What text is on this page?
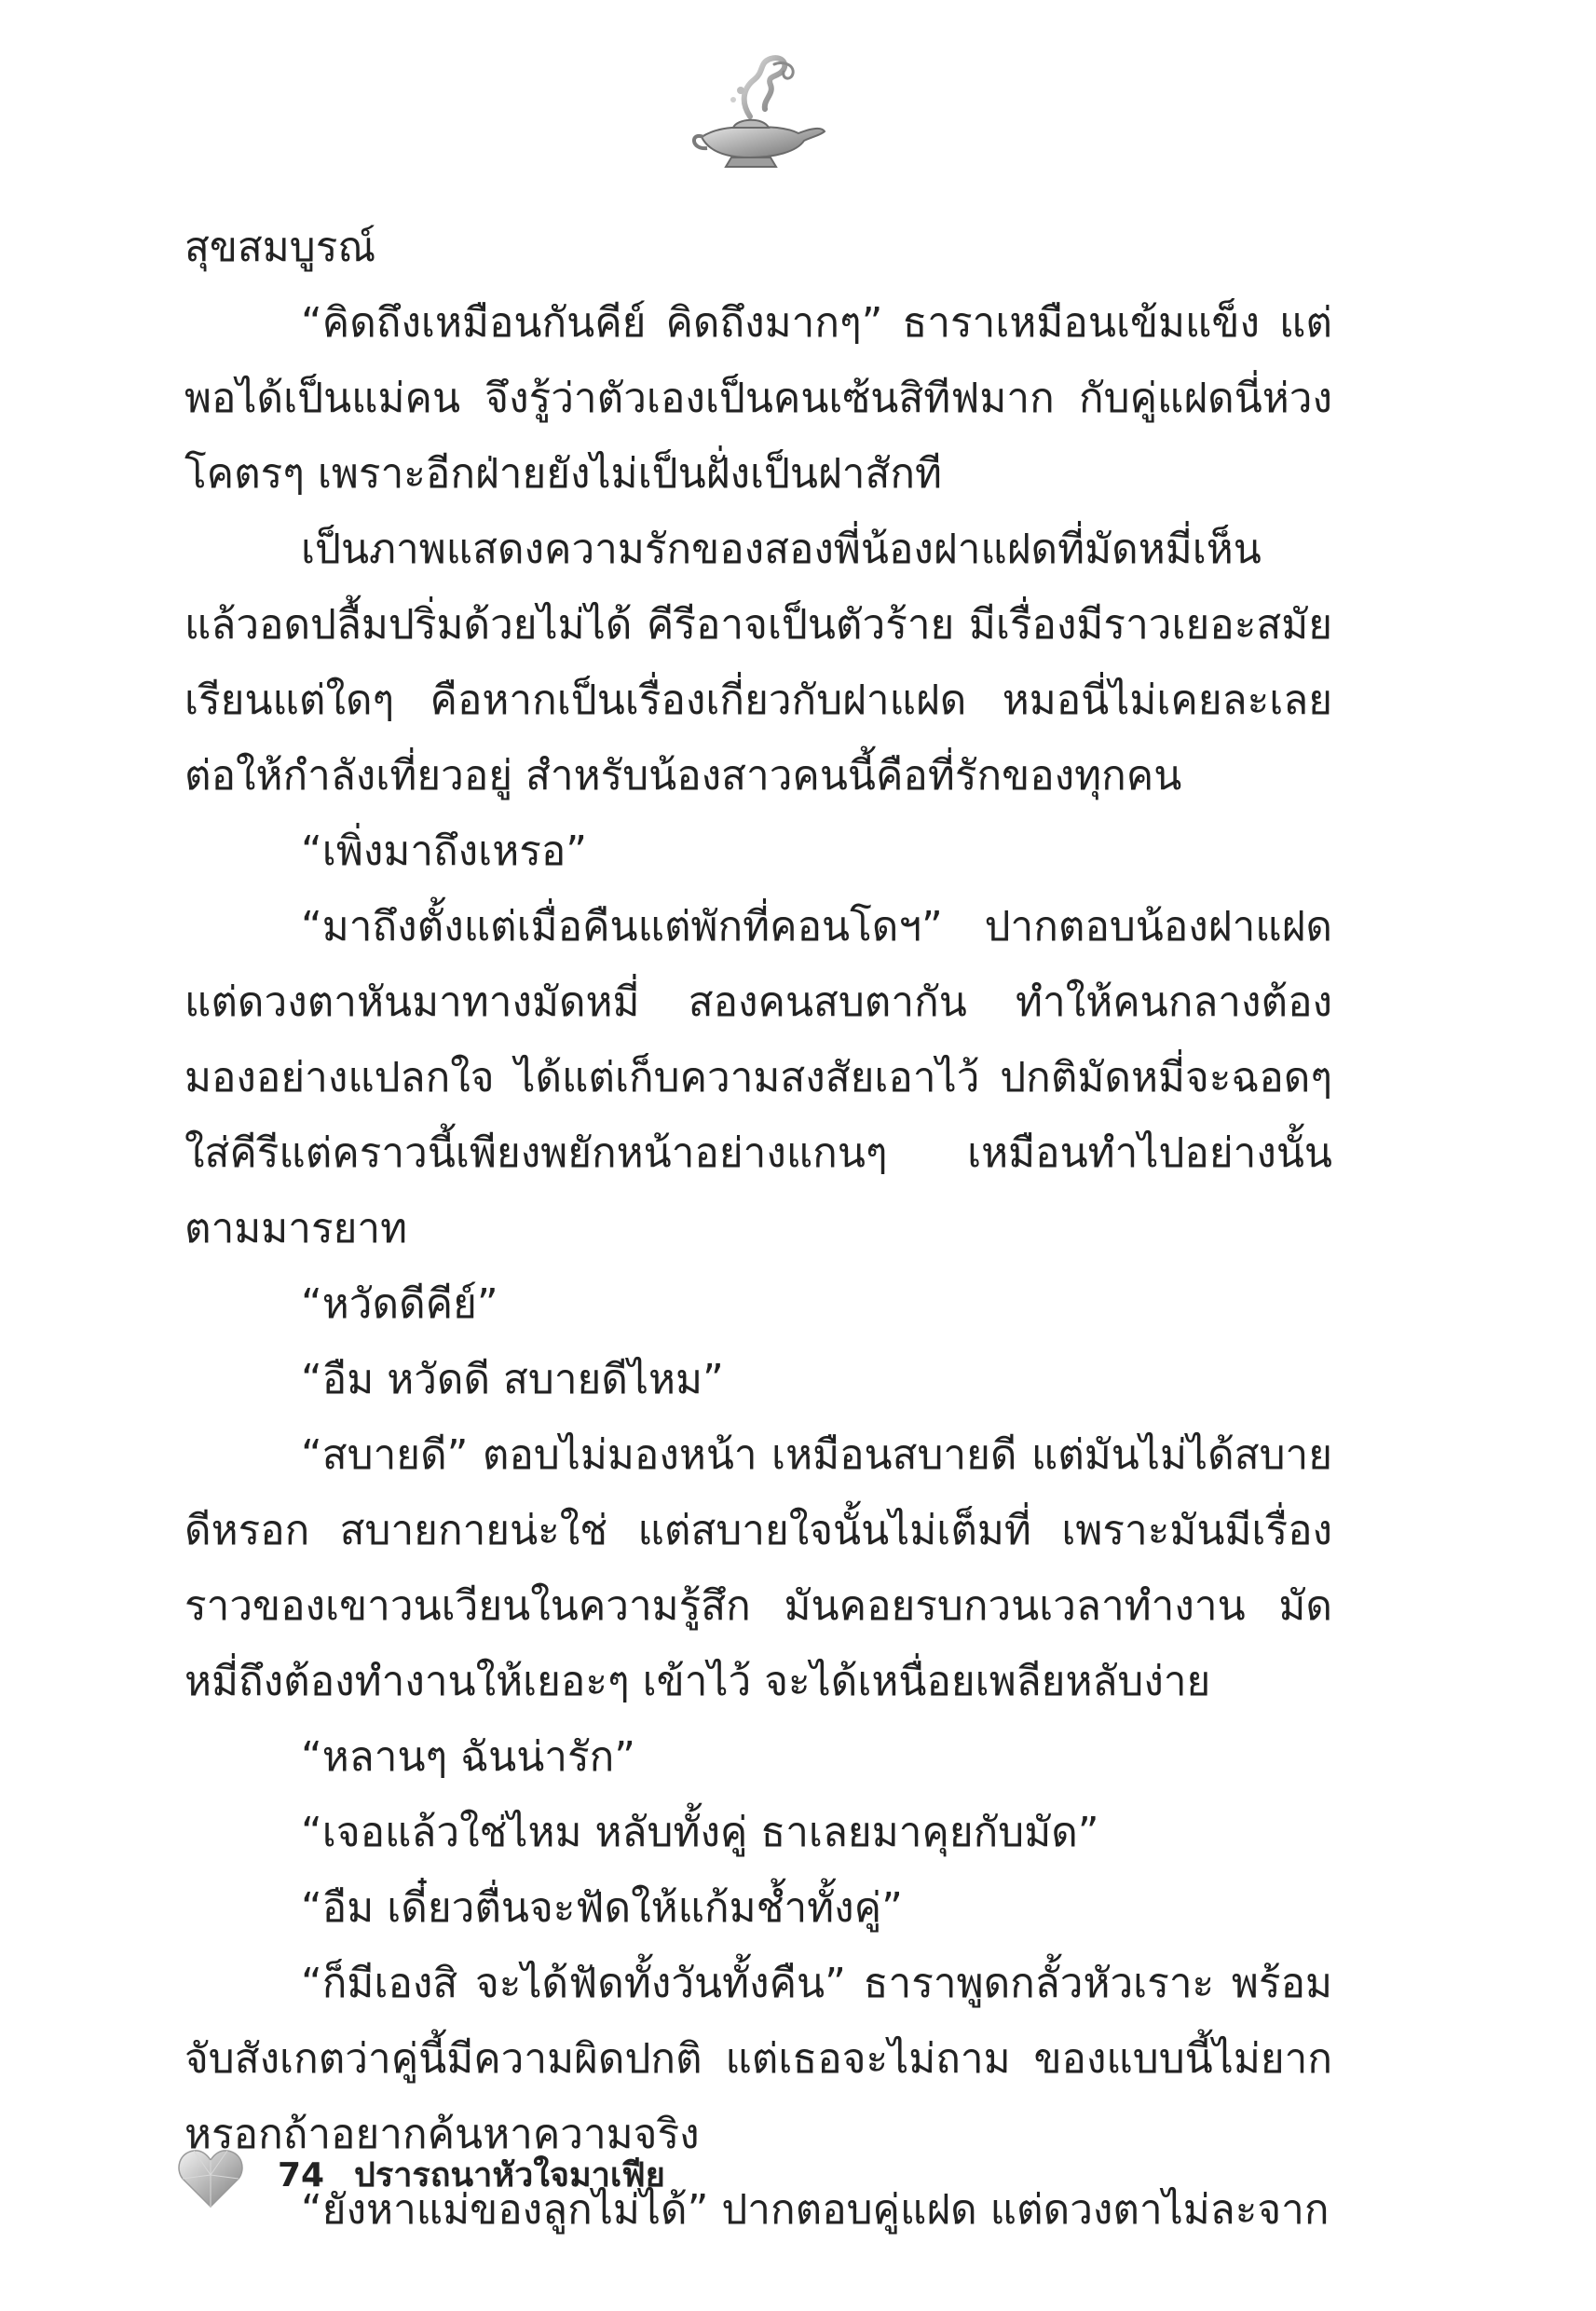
สุขสมบูรณ์

“คิดถึงเหมือนกันคีย์ คิดถึงมากๆ” ธาราเหมือนเข้มแข็ง แต่พอได้เป็นแม่คน จึงรู้ว่าตัวเองเป็นคนเซ้นสิทีฟมาก กับคู่แฝดนี่ห่วงโคตรๆ เพราะอีกฝ่ายยังไม่เป็นฝั่งเป็นฝาสักที

เป็นภาพแสดงความรักของสองพี่น้องฝาแฝดที่มัดหมี่เห็นแล้วอดปลื้มปริ่มด้วยไม่ได้ คีรีอาจเป็นตัวร้าย มีเรื่องมีราวเยอะสมัยเรียนแต่ใดๆ คือหากเป็นเรื่องเกี่ยวกับฝาแฝด หมอนี่ไม่เคยละเลย ต่อให้กำลังเที่ยวอยู่ สำหรับน้องสาวคนนี้คือที่รักของทุกคน

“เพิ่งมาถึงเหรอ”

“มาถึงตั้งแต่เมื่อคืนแต่พักที่คอนโดฯ” ปากตอบน้องฝาแฝดแต่ดวงตาหันมาทางมัดหมี่ สองคนสบตากัน ทำให้คนกลางต้องมองอย่างแปลกใจ ได้แต่เก็บความสงสัยเอาไว้ ปกติมัดหมี่จะฉอดๆ ใส่คีรีแต่คราวนี้เพียงพยักหน้าอย่างแกนๆ เหมือนทำไปอย่างนั้นตามมารยาท

“หวัดดีคีย์”

“อืม หวัดดี สบายดีไหม”

“สบายดี” ตอบไม่มองหน้า เหมือนสบายดี แต่มันไม่ได้สบายดีหรอก สบายกายน่ะใช่ แต่สบายใจนั้นไม่เต็มที่ เพราะมันมีเรื่องราวของเขาวนเวียนในความรู้สึก มันคอยรบกวนเวลาทำงาน มัดหมี่ถึงต้องทำงานให้เยอะๆ เข้าไว้ จะได้เหนื่อยเพลียหลับง่าย

“หลานๆ ฉันน่ารัก”

“เจอแล้วใช่ไหม หลับทั้งคู่ ธาเลยมาคุยกับมัด”

“อืม เดี๋ยวตื่นจะฟัดให้แก้มช้ำทั้งคู่”

“ก็มีเองสิ จะได้ฟัดทั้งวันทั้งคืน” ธาราพูดกลั้วหัวเราะ พร้อมจับสังเกตว่าคู่นี้มีความผิดปกติ แต่เธอจะไม่ถาม ของแบบนี้ไม่ยากหรอกถ้าอยากค้นหาความจริง

“ยังหาแม่ของลูกไม่ได้” ปากตอบคู่แฝด แต่ดวงตาไม่ละจาก

74 ปรารถนาหัวใจมาเฟีย
